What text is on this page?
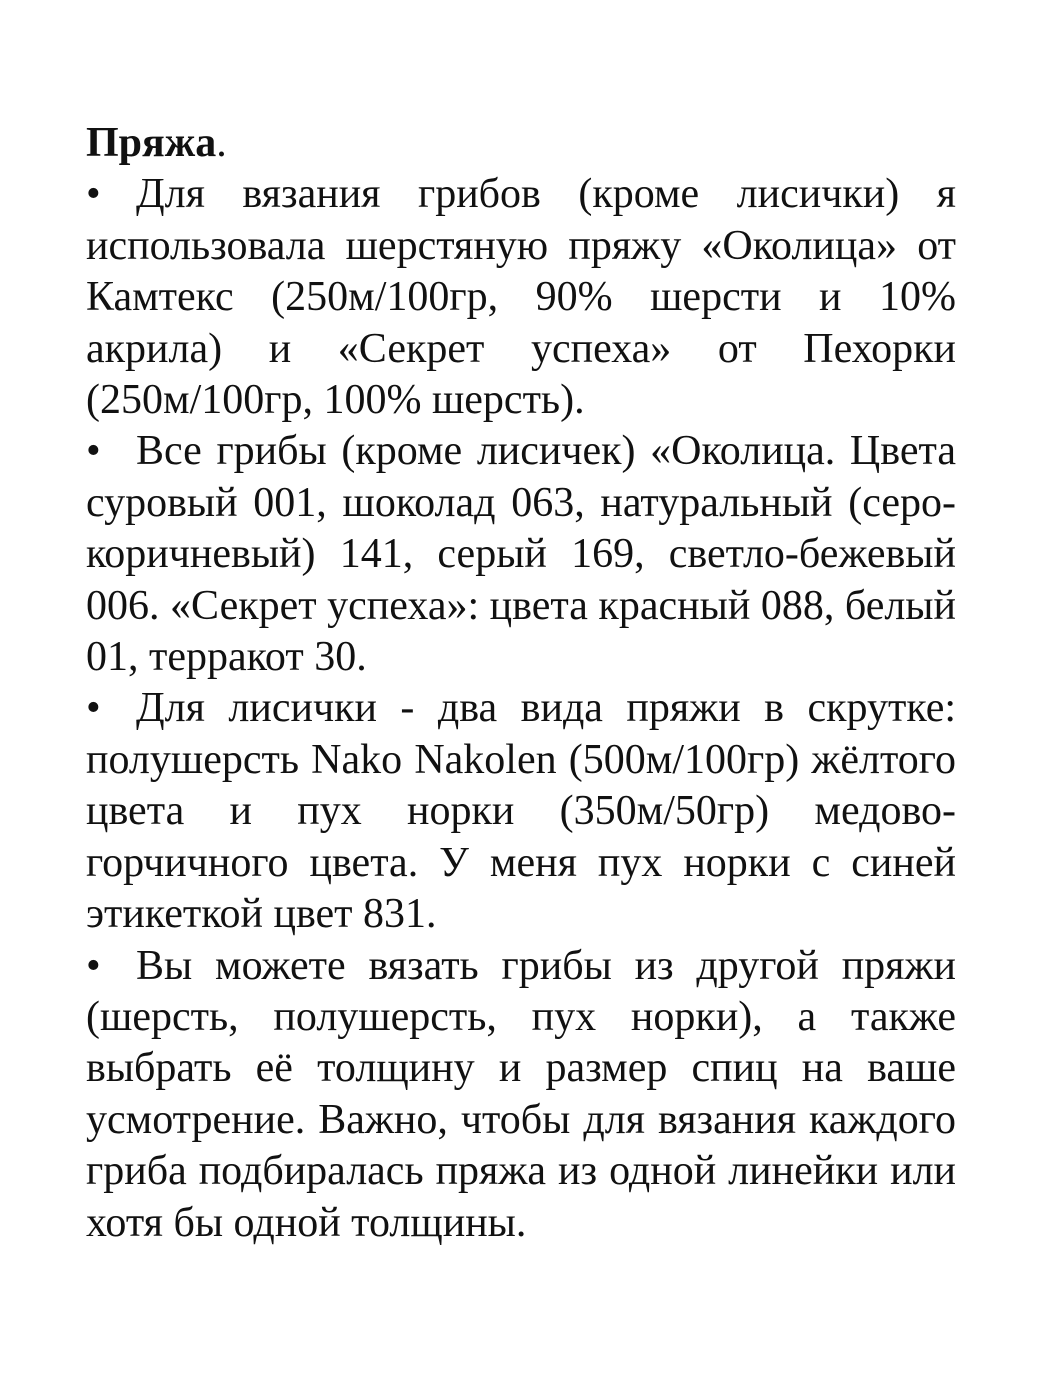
Пряжа.

• Для вязания грибов (кроме лисички) я использовала шерстяную пряжу «Околица» от Камтекс (250м/100гр, 90% шерсти и 10% акрила) и «Секрет успеха» от Пехорки (250м/100гр, 100% шерсть).

• Все грибы (кроме лисичек) «Околица. Цвета суровый 001, шоколад 063, натуральный (серо-коричневый) 141, серый 169, светло-бежевый 006. «Секрет успеха»: цвета красный 088, белый 01, терракот 30.

• Для лисички - два вида пряжи в скрутке: полушерсть Nako Nakolen (500м/100гр) жёлтого цвета и пух норки (350м/50гр) медово-горчичного цвета. У меня пух норки с синей этикеткой цвет 831.

• Вы можете вязать грибы из другой пряжи (шерсть, полушерсть, пух норки), а также выбрать её толщину и размер спиц на ваше усмотрение. Важно, чтобы для вязания каждого гриба подбиралась пряжа из одной линейки или хотя бы одной толщины.
